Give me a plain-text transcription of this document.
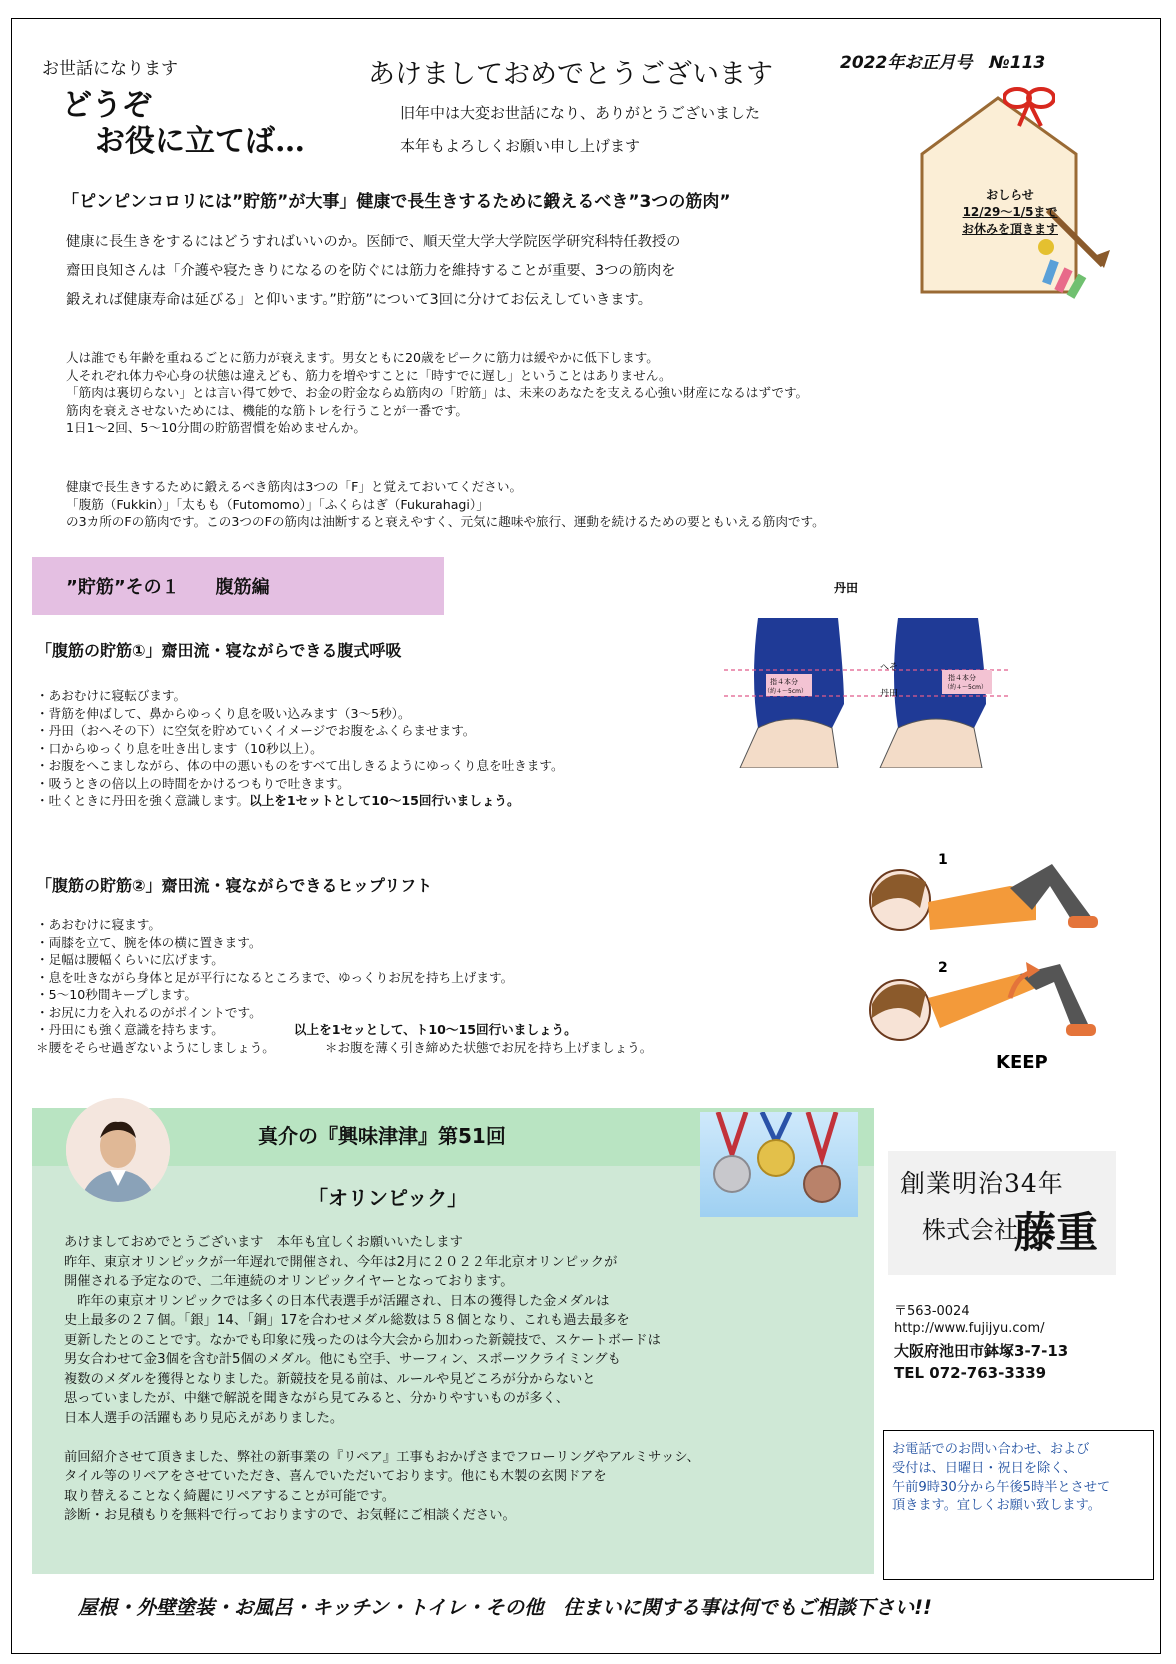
お世話になります
どうぞ
お役に立てば…
あけましておめでとうございます
旧年中は大変お世話になり、ありがとうございました
本年もよろしくお願い申し上げます
2022年お正月号　№113
おしらせ
12/29～1/5まで
お休みを頂きます
「ピンピンコロリには”貯筋”が大事」健康で長生きするために鍛えるべき”3つの筋肉”
健康に長生きをするにはどうすればいいのか。医師で、順天堂大学大学院医学研究科特任教授の
齋田良知さんは「介護や寝たきりになるのを防ぐには筋力を維持することが重要、3つの筋肉を
鍛えれば健康寿命は延びる」と仰います。”貯筋”について3回に分けてお伝えしていきます。
人は誰でも年齢を重ねるごとに筋力が衰えます。男女ともに20歳をピークに筋力は緩やかに低下します。
人それぞれ体力や心身の状態は違えども、筋力を増やすことに「時すでに遅し」ということはありません。
「筋肉は裏切らない」とは言い得て妙で、お金の貯金ならぬ筋肉の「貯筋」は、未来のあなたを支える心強い財産になるはずです。
筋肉を衰えさせないためには、機能的な筋トレを行うことが一番です。
1日1～2回、5～10分間の貯筋習慣を始めませんか。
健康で長生きするために鍛えるべき筋肉は3つの「F」と覚えておいてください。
「腹筋（Fukkin）」「太もも（Futomomo）」「ふくらはぎ（Fukurahagi）」
の3カ所のFの筋肉です。この3つのFの筋肉は油断すると衰えやすく、元気に趣味や旅行、運動を続けるための要ともいえる筋肉です。
”貯筋”その１　　腹筋編
「腹筋の貯筋①」齋田流・寝ながらできる腹式呼吸
・あおむけに寝転びます。
・背筋を伸ばして、鼻からゆっくり息を吸い込みます（3～5秒）。
・丹田（おへその下）に空気を貯めていくイメージでお腹をふくらませます。
・口からゆっくり息を吐き出します（10秒以上）。
・お腹をへこましながら、体の中の悪いものをすべて出しきるようにゆっくり息を吐きます。
・吸うときの倍以上の時間をかけるつもりで吐きます。
・吐くときに丹田を強く意識します。以上を1セットとして10～15回行いましょう。
「腹筋の貯筋②」齋田流・寝ながらできるヒップリフト
・あおむけに寝ます。
・両膝を立て、腕を体の横に置きます。
・足幅は腰幅くらいに広げます。
・息を吐きながら身体と足が平行になるところまで、ゆっくりお尻を持ち上げます。
・5～10秒間キープします。
・お尻に力を入れるのがポイントです。
・丹田にも強く意識を持ちます。	以上を1セッとして、ト10～15回行いましょう。
＊腰をそらせ過ぎないようにしましょう。	＊お腹を薄く引き締めた状態でお尻を持ち上げましょう。
丹田
へそ
丹田
指４本分
（約４～5cm）
指４本分
（約４～5cm）
1
2
KEEP
真介の『興味津津』第51回
「オリンピック」
あけましておめでとうございます　本年も宜しくお願いいたします
昨年、東京オリンピックが一年遅れで開催され、今年は2月に２０２２年北京オリンピックが
開催される予定なので、二年連続のオリンピックイヤーとなっております。
　昨年の東京オリンピックでは多くの日本代表選手が活躍され、日本の獲得した金メダルは
史上最多の２７個。「銀」14、「銅」17を合わせメダル総数は５８個となり、これも過去最多を
更新したとのことです。なかでも印象に残ったのは今大会から加わった新競技で、スケートボードは
男女合わせて金3個を含む計5個のメダル。他にも空手、サーフィン、スポーツクライミングも
複数のメダルを獲得となりました。新競技を見る前は、ルールや見どころが分からないと
思っていましたが、中継で解説を聞きながら見てみると、分かりやすいものが多く、
日本人選手の活躍もあり見応えがありました。
前回紹介させて頂きました、弊社の新事業の『リペア』工事もおかげさまでフローリングやアルミサッシ、
タイル等のリペアをさせていただき、喜んでいただいております。他にも木製の玄関ドアを
取り替えることなく綺麗にリペアすることが可能です。
診断・お見積もりを無料で行っておりますので、お気軽にご相談ください。
創業明治34年
株式会社
藤重
〒563-0024
http://www.fujijyu.com/
大阪府池田市鉢塚3-7-13
TEL 072-763-3339
お電話でのお問い合わせ、および
受付は、日曜日・祝日を除く、
午前9時30分から午後5時半とさせて
頂きます。宜しくお願い致します。
屋根・外壁塗装・お風呂・キッチン・トイレ・その他　住まいに関する事は何でもご相談下さい!!
